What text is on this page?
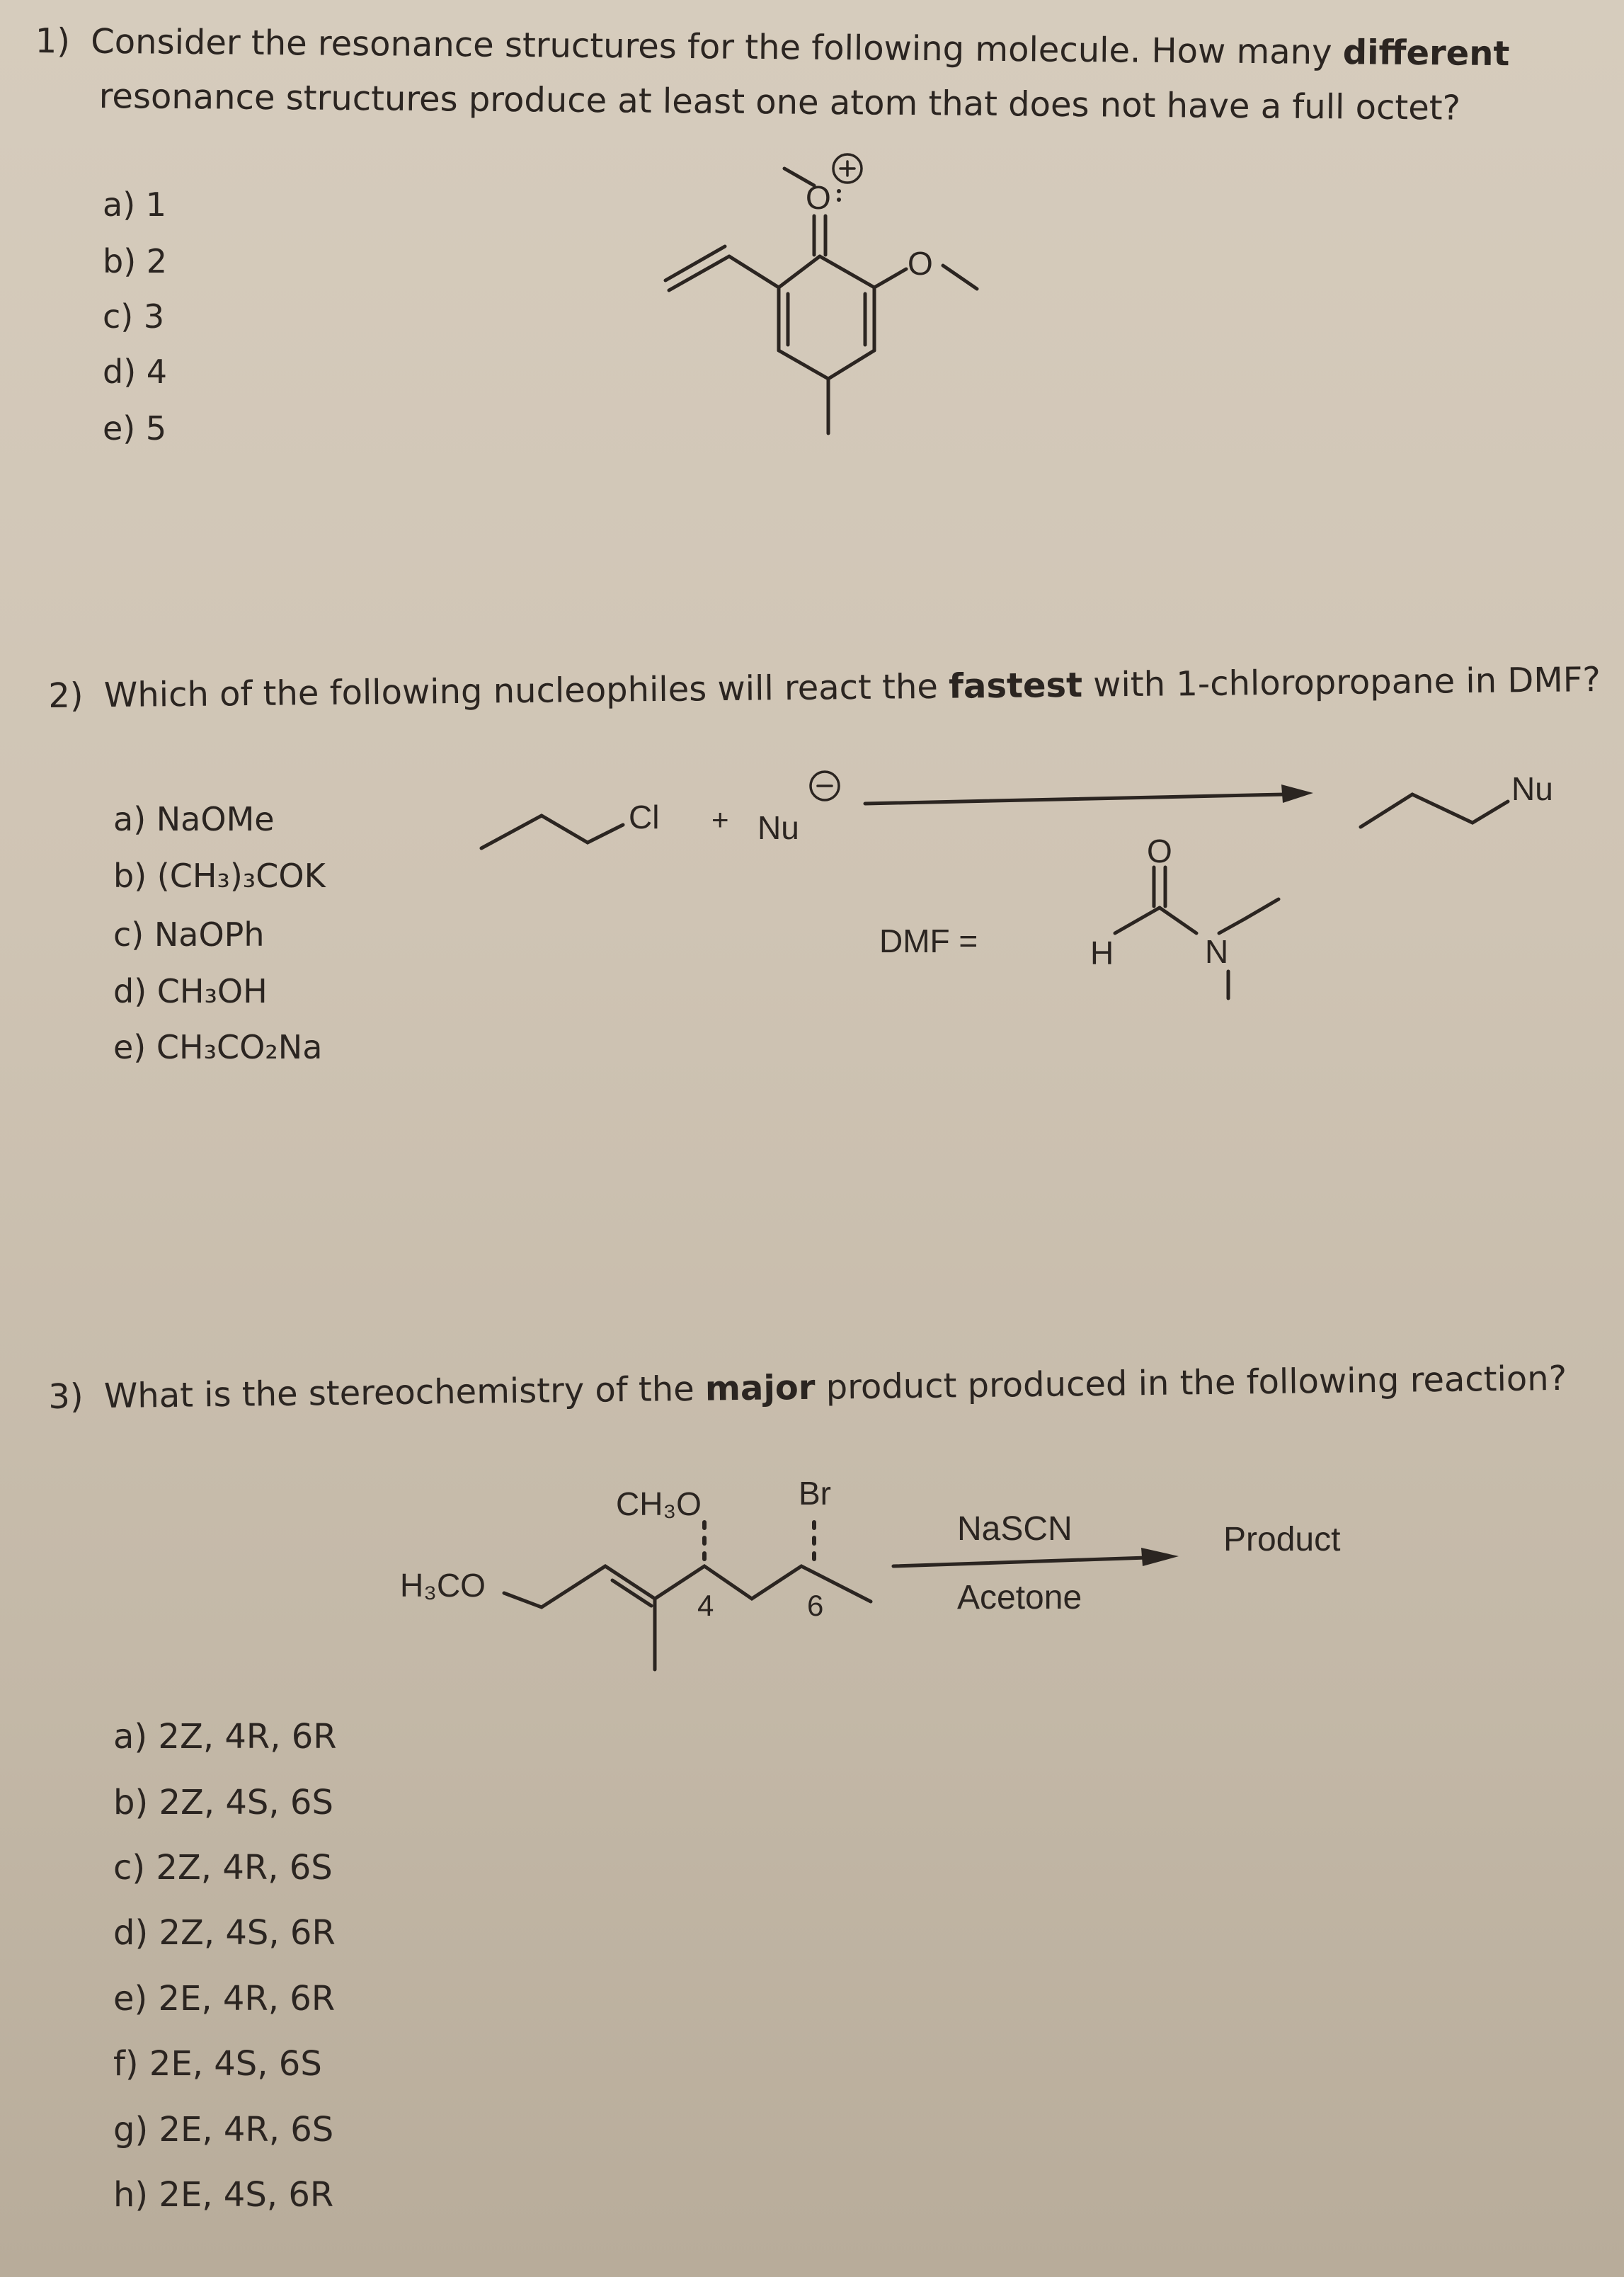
1) Consider the resonance structures for the following molecule. How many different
resonance structures produce at least one atom that does not have a full octet?
a) 1
b) 2
c) 3
d) 4
e) 5
O
O
2) Which of the following nucleophiles will react the fastest with 1-chloropropane in DMF?
a) NaOMe
b) (CH₃)₃COK
c) NaOPh
d) CH₃OH
e) CH₃CO₂Na
Cl + Nu
Nu
DMF =
O
H	N
3) What is the stereochemistry of the major product produced in the following reaction?
H₃CO
CH₃O	Br
4	6
NaSCN
Acetone
Product
a) 2Z, 4R, 6R
b) 2Z, 4S, 6S
c) 2Z, 4R, 6S
d) 2Z, 4S, 6R
e) 2E, 4R, 6R
f) 2E, 4S, 6S
g) 2E, 4R, 6S
h) 2E, 4S, 6R
